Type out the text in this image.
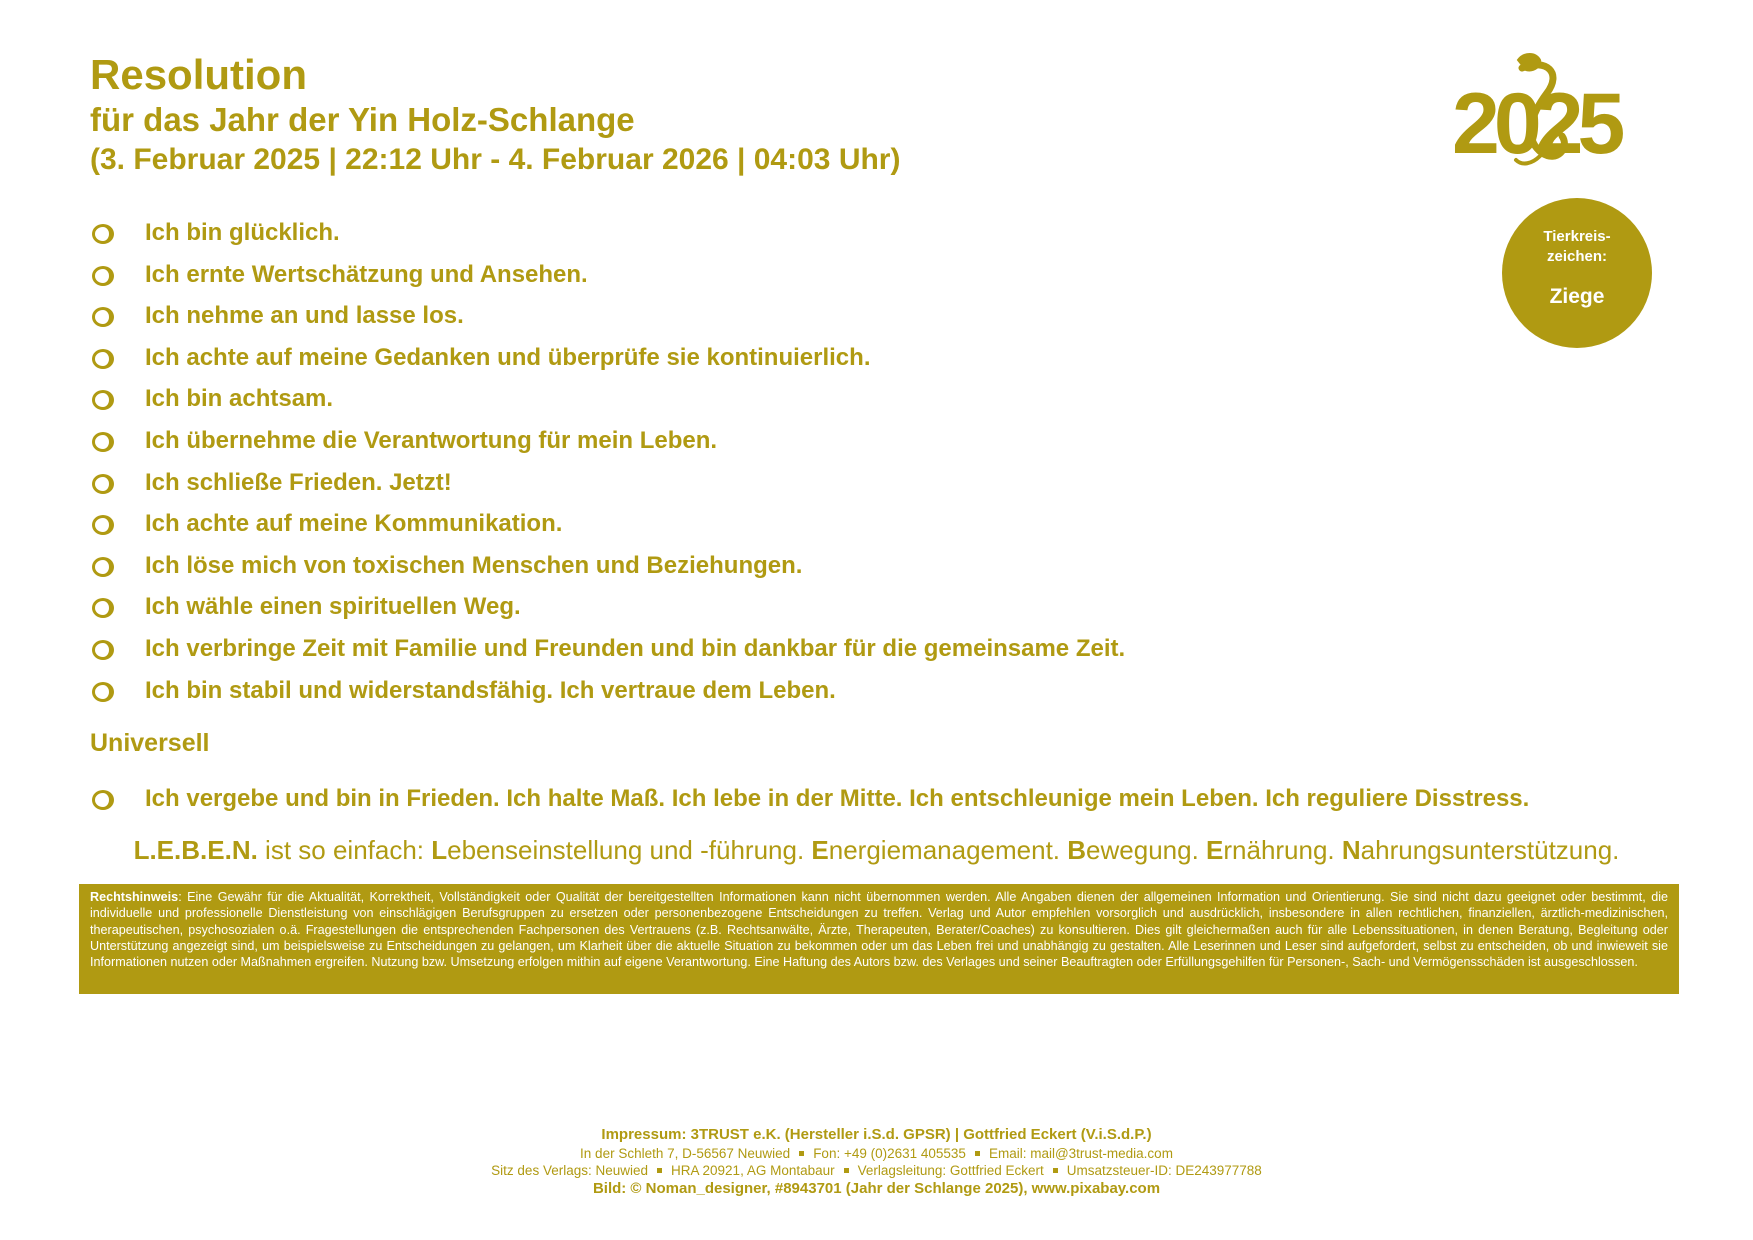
Resolution
für das Jahr der Yin Holz-Schlange
(3. Februar 2025 | 22:12 Uhr - 4. Februar 2026 | 04:03 Uhr)	2025
Tierkreis-zeichen:
Ziege
Ich bin glücklich.
Ich ernte Wertschätzung und Ansehen.
Ich nehme an und lasse los.
Ich achte auf meine Gedanken und überprüfe sie kontinuierlich.
Ich bin achtsam.
Ich übernehme die Verantwortung für mein Leben.
Ich schließe Frieden. Jetzt!
Ich achte auf meine Kommunikation.
Ich löse mich von toxischen Menschen und Beziehungen.
Ich wähle einen spirituellen Weg.
Ich verbringe Zeit mit Familie und Freunden und bin dankbar für die gemeinsame Zeit.
Ich bin stabil und widerstandsfähig. Ich vertraue dem Leben.
Universell
Ich vergebe und bin in Frieden. Ich halte Maß. Ich lebe in der Mitte. Ich entschleunige mein Leben. Ich reguliere Disstress.
L.E.B.E.N. ist so einfach: Lebenseinstellung und -führung. Energiemanagement. Bewegung. Ernährung. Nahrungsunterstützung.
Rechtshinweis: Eine Gewähr für die Aktualität, Korrektheit, Vollständigkeit oder Qualität der bereitgestellten Informationen kann nicht übernommen werden. Alle Angaben dienen der allgemeinen Information und Orientierung. Sie sind nicht dazu geeignet oder bestimmt, die individuelle und professionelle Dienstleistung von einschlägigen Berufsgruppen zu ersetzen oder personenbezogene Entscheidungen zu treffen. Verlag und Autor empfehlen vorsorglich und ausdrücklich, insbesondere in allen rechtlichen, finanziellen, ärztlich-medizinischen, therapeutischen, psychosozialen o.ä. Fragestellungen die entsprechenden Fachpersonen des Vertrauens (z.B. Rechtsanwälte, Ärzte, Therapeuten, Berater/Coaches) zu konsultieren. Dies gilt gleichermaßen auch für alle Lebenssituationen, in denen Beratung, Begleitung oder Unterstützung angezeigt sind, um beispielsweise zu Entscheidungen zu gelangen, um Klarheit über die aktuelle Situation zu bekommen oder um das Leben frei und unabhängig zu gestalten. Alle Leserinnen und Leser sind aufgefordert, selbst zu entscheiden, ob und inwieweit sie Informationen nutzen oder Maßnahmen ergreifen. Nutzung bzw. Umsetzung erfolgen mithin auf eigene Verantwortung. Eine Haftung des Autors bzw. des Verlages und seiner Beauftragten oder Erfüllungsgehilfen für Personen-, Sach- und Vermögensschäden ist ausgeschlossen.
Impressum: 3TRUST e.K. (Hersteller i.S.d. GPSR) | Gottfried Eckert (V.i.S.d.P.)
In der Schleth 7, D-56567 Neuwied Fon: +49 (0)2631 405535 Email: mail@3trust-media.com
Sitz des Verlags: Neuwied HRA 20921, AG Montabaur Verlagsleitung: Gottfried Eckert Umsatzsteuer-ID: DE243977788
Bild: © Noman_designer, #8943701 (Jahr der Schlange 2025), www.pixabay.com
